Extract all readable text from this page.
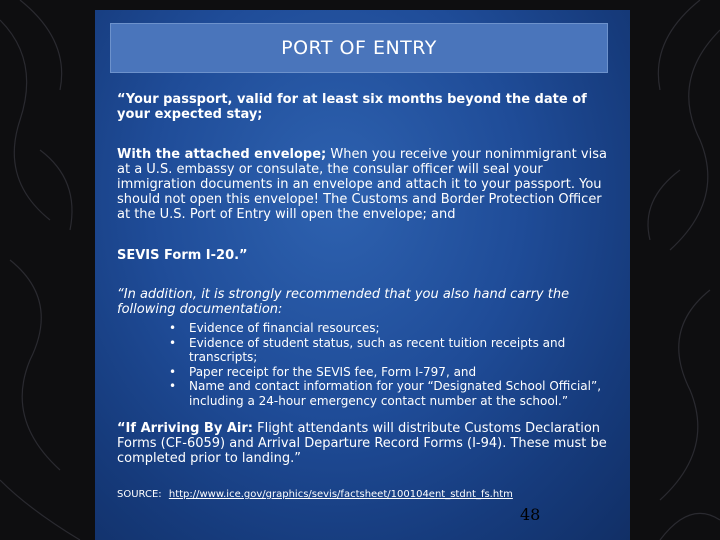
PORT OF ENTRY

“Your passport, valid for at least six months beyond the date of your expected stay;

With the attached envelope; When you receive your nonimmigrant visa at a U.S. embassy or consulate, the consular officer will seal your immigration documents in an envelope and attach it to your passport. You should not open this envelope! The Customs and Border Protection Officer at the U.S. Port of Entry will open the envelope; and

SEVIS Form I-20.”

“In addition, it is strongly recommended that you also hand carry the following documentation:

• Evidence of financial resources;
• Evidence of student status, such as recent tuition receipts and transcripts;
• Paper receipt for the SEVIS fee, Form I-797, and
• Name and contact information for your “Designated School Official”, including a 24-hour emergency contact number at the school.”

“If Arriving By Air: Flight attendants will distribute Customs Declaration Forms (CF-6059) and Arrival Departure Record Forms (I-94). These must be completed prior to landing.”

SOURCE: http://www.ice.gov/graphics/sevis/factsheet/100104ent_stdnt_fs.htm
48
